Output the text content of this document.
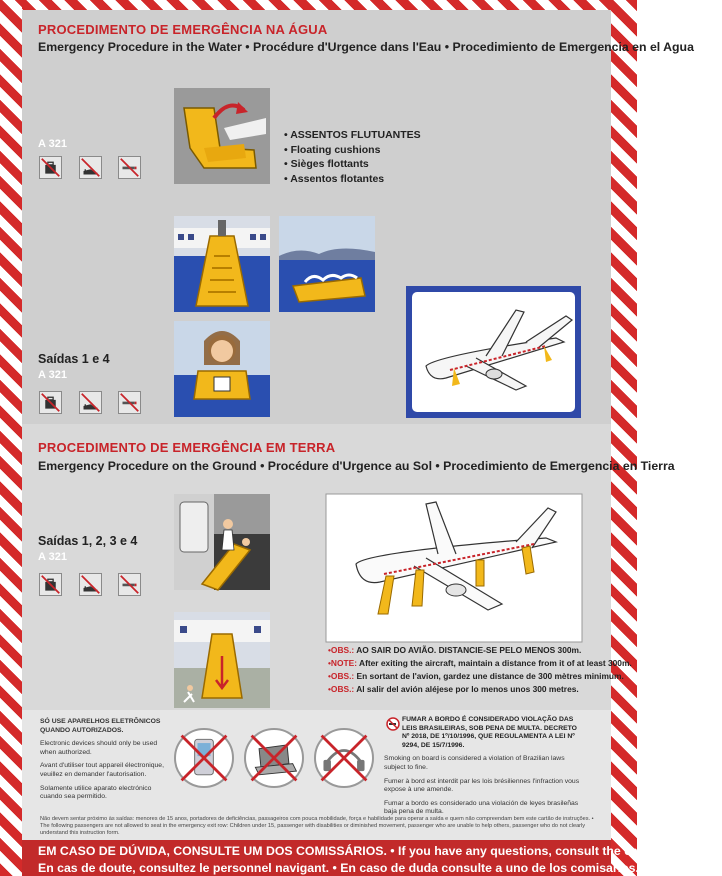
PROCEDIMENTO DE EMERGÊNCIA NA ÁGUA
Emergency Procedure in the Water • Procédure d'Urgence dans l'Eau • Procedimiento de Emergencia en el Agua
A 321
• ASSENTOS FLUTUANTES
• Floating cushions
• Sièges flottants
• Assentos flotantes
Saídas 1 e 4
A 321
PROCEDIMENTO DE EMERGÊNCIA EM TERRA
Emergency Procedure on the Ground • Procédure d'Urgence au Sol • Procedimiento de Emergencia en Tierra
Saídas 1, 2, 3 e 4
A 321
•OBS.: AO SAIR DO AVIÃO. DISTANCIE-SE PELO MENOS 300m.
•NOTE: After exiting the aircraft, maintain a distance from it of at least 300m.
•OBS.: En sortant de l'avion, gardez une distance de 300 mètres minimum.
•OBS.: Al salir del avión aléjese por lo menos unos 300 metres.

SÓ USE APARELHOS ELETRÔNICOS QUANDO AUTORIZADOS.

Electronic devices should only be used when authorized.

Avant d'utiliser tout appareil électronique, veuillez en demander l'autorisation.

Solamente utilice aparato electrónico cuando sea permitido.

FUMAR A BORDO É CONSIDERADO VIOLAÇÃO DAS LEIS BRASILEIRAS, SOB PENA DE MULTA. DECRETO Nº 2018, DE 1º/10/1996, QUE REGULAMENTA A LEI Nº 9294, DE 15/7/1996.

Smoking on board is considered a violation of Brazilian laws subject to fine.

Fumer à bord est interdit par les lois brésiliennes l'infraction vous expose à une amende.

Fumar a bordo es considerado una violación de leyes brasileñas baja pena de multa.

Não devem sentar próximo às saídas: menores de 15 anos, portadores de deficiências, passageiros com pouca mobilidade, força e habilidade para operar a saída e quem não compreendam bem este cartão de instruções. • The following passengers are not allowed to seat in the emergency exit row: Children under 15, passenger with disabilities or diminished movement, passenger who are unable to help others, passenger who do not clearly understand this instruction form.
EM CASO DE DÚVIDA, CONSULTE UM DOS COMISSÁRIOS. • If you have any questions, consult the cabin personnel.
En cas de doute, consultez le personnel navigant. • En caso de duda consulte a uno de los comisarios.
